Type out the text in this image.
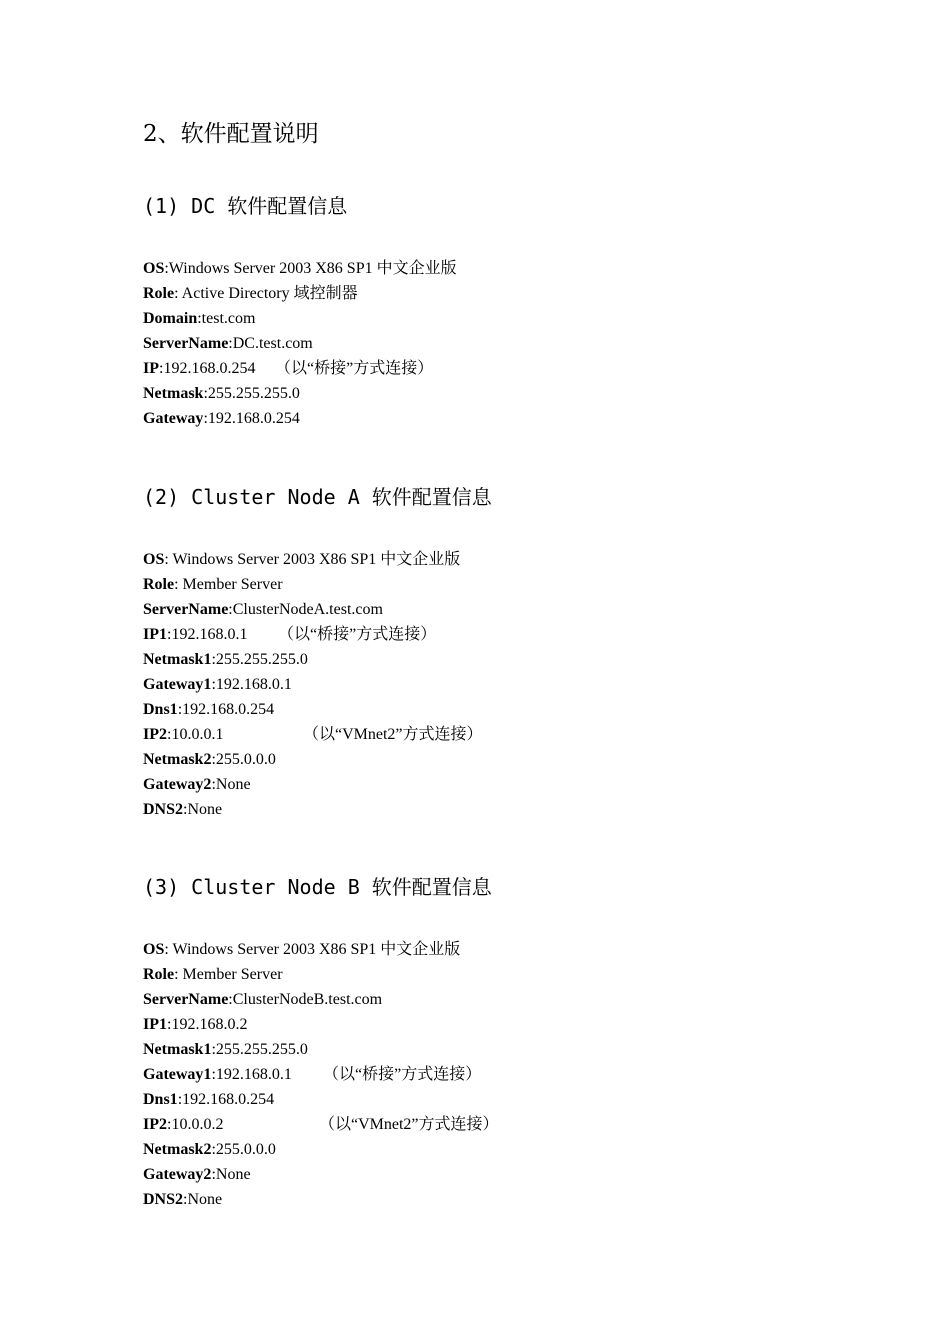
2、软件配置说明
(1) DC 软件配置信息
OS:Windows Server 2003 X86 SP1 中文企业版
Role: Active Directory 域控制器
Domain:test.com
ServerName:DC.test.com
IP:192.168.0.254 （以“桥接”方式连接）
Netmask:255.255.255.0
Gateway:192.168.0.254
(2) Cluster Node A 软件配置信息
OS: Windows Server 2003 X86 SP1 中文企业版
Role: Member Server
ServerName:ClusterNodeA.test.com
IP1:192.168.0.1 （以“桥接”方式连接）
Netmask1:255.255.255.0
Gateway1:192.168.0.1
Dns1:192.168.0.254
IP2:10.0.0.1	（以“VMnet2”方式连接）
Netmask2:255.0.0.0
Gateway2:None
DNS2:None
(3) Cluster Node B 软件配置信息
OS: Windows Server 2003 X86 SP1 中文企业版
Role: Member Server
ServerName:ClusterNodeB.test.com
IP1:192.168.0.2
Netmask1:255.255.255.0
Gateway1:192.168.0.1 （以“桥接”方式连接）
Dns1:192.168.0.254
IP2:10.0.0.2	（以“VMnet2”方式连接）
Netmask2:255.0.0.0
Gateway2:None
DNS2:None
